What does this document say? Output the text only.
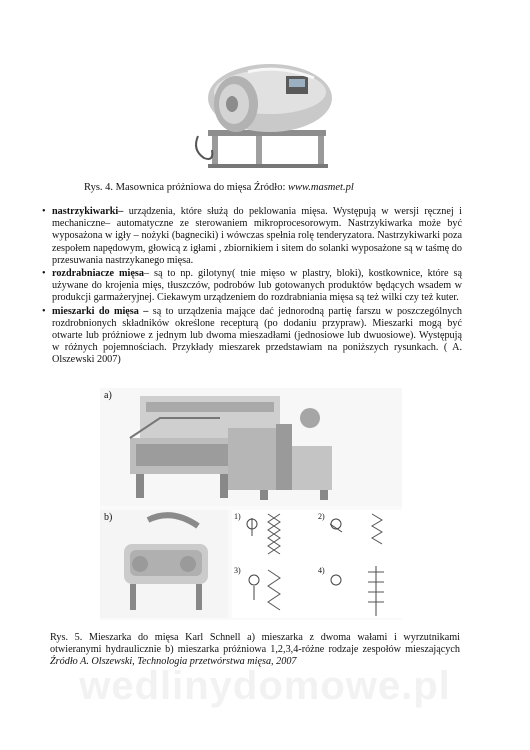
Rys. 4. Masownica próżniowa do mięsa Źródło: www.masmet.pl
• nastrzykiwarki– urządzenia, które służą do peklowania mięsa. Występują w wersji ręcznej i mechaniczne– automatyczne ze sterowaniem mikroprocesorowym. Nastrzykiwarka może być wyposażona w igły – nożyki (bagneciki) i wówczas spełnia rolę tenderyzatora. Nastrzykiwarki poza zespołem napędowym, głowicą z igłami , zbiornikiem i sitem do solanki wyposażone są w taśmę do przesuwania nastrzykanego mięsa.
• rozdrabniacze mięsa– są to np. gilotyny( tnie mięso w plastry, bloki), kostkownice, które są używane do krojenia mięs, tłuszczów, podrobów lub gotowanych produktów będących wsadem w produkcji garmażeryjnej. Ciekawym urządzeniem do rozdrabniania mięsa są też wilki czy też kuter.
• mieszarki do mięsa – są to urządzenia mające dać jednorodną partię farszu w poszczególnych rozdrobnionych składników określone recepturą (po dodaniu przypraw). Mieszarki mogą być otwarte lub próżniowe z jednym lub dwoma mieszadłami (jednosiowe lub dwuosiowe). Występują w różnych pojemnościach. Przykłady mieszarek przedstawiam na poniższych rysunkach. ( A. Olszewski 2007)
a)
b)	1)	2)
3)	4)
Rys. 5. Mieszarka do mięsa Karl Schnell a) mieszarka z dwoma wałami i wyrzutnikami otwieranymi hydraulicznie b) mieszarka próżniowa 1,2,3,4-różne rodzaje zespołów mieszających Źródło A. Olszewski, Technologia przetwórstwa mięsa, 2007
wedlinydomowe.pl
